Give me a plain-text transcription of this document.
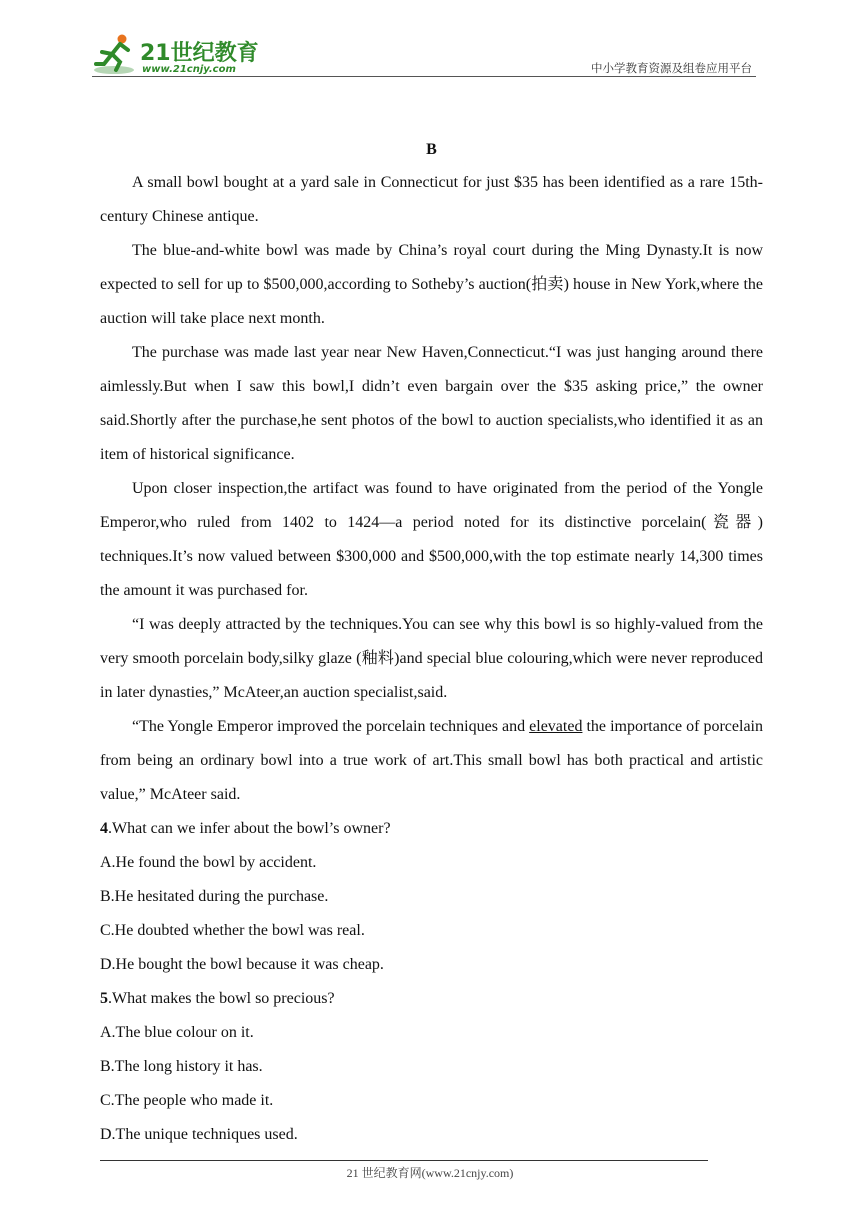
21世纪教育
www.21cnjy.com	中小学教育资源及组卷应用平台
B

A small bowl bought at a yard sale in Connecticut for just $35 has been identified as a rare 15th-century Chinese antique.

The blue-and-white bowl was made by China’s royal court during the Ming Dynasty.It is now expected to sell for up to $500,000,according to Sotheby’s auction(拍卖) house in New York,where the auction will take place next month.

The purchase was made last year near New Haven,Connecticut.“I was just hanging around there aimlessly.But when I saw this bowl,I didn’t even bargain over the $35 asking price,” the owner said.Shortly after the purchase,he sent photos of the bowl to auction specialists,who identified it as an item of historical significance.

Upon closer inspection,the artifact was found to have originated from the period of the Yongle Emperor,who ruled from 1402 to 1424—a period noted for its distinctive porcelain(瓷器) techniques.It’s now valued between $300,000 and $500,000,with the top estimate nearly 14,300 times the amount it was purchased for.

“I was deeply attracted by the techniques.You can see why this bowl is so highly-valued from the very smooth porcelain body,silky glaze (釉料)and special blue colouring,which were never reproduced in later dynasties,” McAteer,an auction specialist,said.

“The Yongle Emperor improved the porcelain techniques and elevated the importance of porcelain from being an ordinary bowl into a true work of art.This small bowl has both practical and artistic value,” McAteer said.

4.What can we infer about the bowl’s owner?

A.He found the bowl by accident.

B.He hesitated during the purchase.

C.He doubted whether the bowl was real.

D.He bought the bowl because it was cheap.

5.What makes the bowl so precious?

A.The blue colour on it.

B.The long history it has.

C.The people who made it.

D.The unique techniques used.

21 世纪教育网(www.21cnjy.com)
